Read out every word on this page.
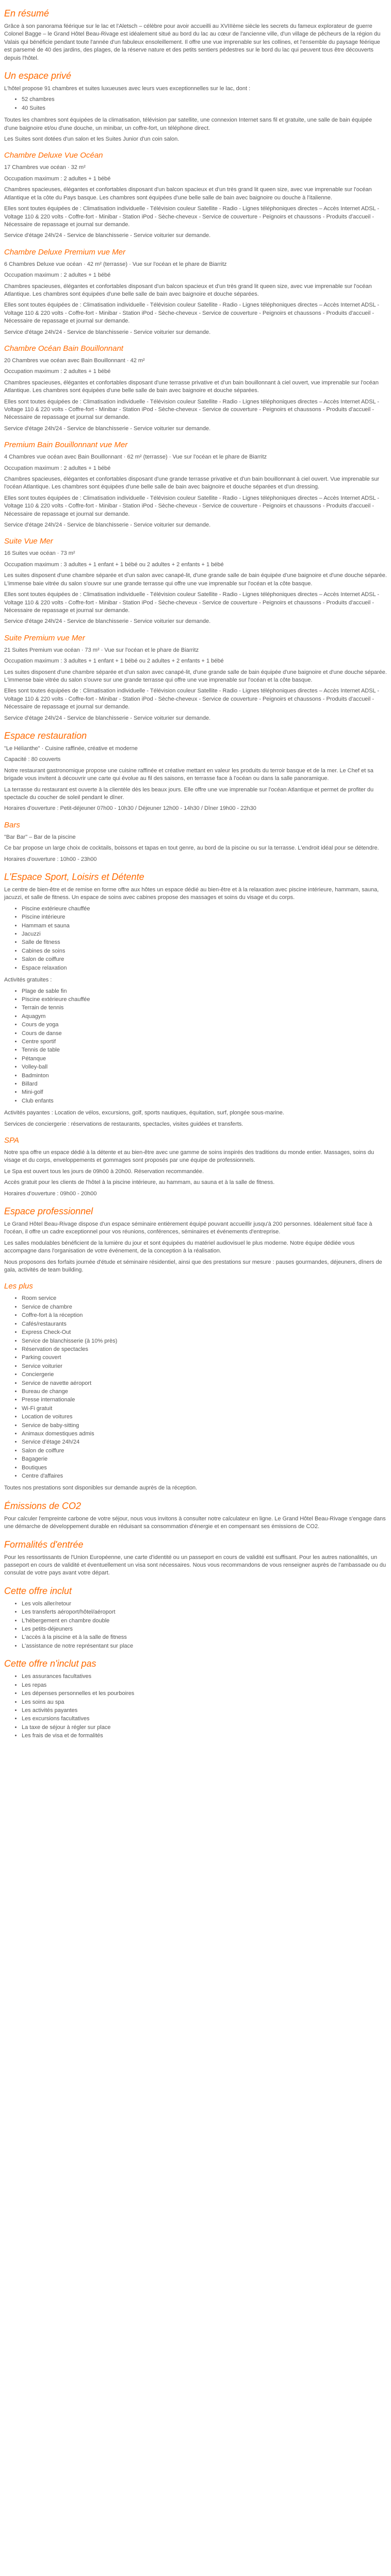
En résumé

Grâce à son panorama féérique sur le lac et l'Aletsch – célèbre pour avoir accueilli au XVIIIème siècle les secrets du fameux explorateur de guerre Colonel Bagge – le Grand Hôtel Beau-Rivage est idéalement situé au bord du lac au cœur de l'ancienne ville, d'un village de pêcheurs de la région du Valais qui bénéficie pendant toute l'année d'un fabuleux ensoleillement. Il offre une vue imprenable sur les collines, et l'ensemble du paysage féérique est parsemé de 40 des jardins, des plages, de la réserve nature et des petits sentiers pédestres sur le bord du lac qui peuvent tous être découverts depuis l'hôtel.

Un espace privé

L'hôtel propose 91 chambres et suites luxueuses avec leurs vues exceptionnelles sur le lac, dont :

• 52 chambres
• 40 Suites

Toutes les chambres sont équipées de la climatisation, télévision par satellite, une connexion Internet sans fil et gratuite, une salle de bain équipée d'une baignoire et/ou d'une douche, un minibar, un coffre-fort, un téléphone direct.

Les Suites sont dotées d'un salon et les Suites Junior d'un coin salon.

Chambre Deluxe Vue Océan

17 Chambres vue océan · 32 m²

Occupation maximum : 2 adultes + 1 bébé

Chambres spacieuses, élégantes et confortables disposant d'un balcon spacieux et d'un très grand lit queen size, avec vue imprenable sur l'océan Atlantique et la côte du Pays basque. Les chambres sont équipées d'une belle salle de bain avec baignoire ou douche à l'italienne.

Elles sont toutes équipées de : Climatisation individuelle - Télévision couleur Satellite - Radio - Lignes téléphoniques directes – Accès Internet ADSL - Voltage 110 & 220 volts - Coffre-fort - Minibar - Station iPod - Sèche-cheveux - Service de couverture - Peignoirs et chaussons - Produits d'accueil - Nécessaire de repassage et journal sur demande.

Service d'étage 24h/24 - Service de blanchisserie - Service voiturier sur demande.

Chambre Deluxe Premium vue Mer

6 Chambres Deluxe vue océan · 42 m² (terrasse) · Vue sur l'océan et le phare de Biarritz

Occupation maximum : 2 adultes + 1 bébé

Chambres spacieuses, élégantes et confortables disposant d'un balcon spacieux et d'un très grand lit queen size, avec vue imprenable sur l'océan Atlantique. Les chambres sont équipées d'une belle salle de bain avec baignoire et douche séparées.

Elles sont toutes équipées de : Climatisation individuelle - Télévision couleur Satellite - Radio - Lignes téléphoniques directes – Accès Internet ADSL - Voltage 110 & 220 volts - Coffre-fort - Minibar - Station iPod - Sèche-cheveux - Service de couverture - Peignoirs et chaussons - Produits d'accueil - Nécessaire de repassage et journal sur demande.

Service d'étage 24h/24 - Service de blanchisserie - Service voiturier sur demande.

Chambre Océan Bain Bouillonnant

20 Chambres vue océan avec Bain Bouillonnant · 42 m²

Occupation maximum : 2 adultes + 1 bébé

Chambres spacieuses, élégantes et confortables disposant d'une terrasse privative et d'un bain bouillonnant à ciel ouvert, vue imprenable sur l'océan Atlantique. Les chambres sont équipées d'une belle salle de bain avec baignoire et douche séparées.

Elles sont toutes équipées de : Climatisation individuelle - Télévision couleur Satellite - Radio - Lignes téléphoniques directes – Accès Internet ADSL - Voltage 110 & 220 volts - Coffre-fort - Minibar - Station iPod - Sèche-cheveux - Service de couverture - Peignoirs et chaussons - Produits d'accueil - Nécessaire de repassage et journal sur demande.

Service d'étage 24h/24 - Service de blanchisserie - Service voiturier sur demande.

Premium Bain Bouillonnant vue Mer

4 Chambres vue océan avec Bain Bouillonnant · 62 m² (terrasse) · Vue sur l'océan et le phare de Biarritz

Occupation maximum : 2 adultes + 1 bébé

Chambres spacieuses, élégantes et confortables disposant d'une grande terrasse privative et d'un bain bouillonnant à ciel ouvert. Vue imprenable sur l'océan Atlantique. Les chambres sont équipées d'une belle salle de bain avec baignoire et douche séparées et d'un dressing.

Elles sont toutes équipées de : Climatisation individuelle - Télévision couleur Satellite - Radio - Lignes téléphoniques directes – Accès Internet ADSL - Voltage 110 & 220 volts - Coffre-fort - Minibar - Station iPod - Sèche-cheveux - Service de couverture - Peignoirs et chaussons - Produits d'accueil - Nécessaire de repassage et journal sur demande.

Service d'étage 24h/24 - Service de blanchisserie - Service voiturier sur demande.

Suite Vue Mer

16 Suites vue océan · 73 m²

Occupation maximum : 3 adultes + 1 enfant + 1 bébé ou 2 adultes + 2 enfants + 1 bébé

Les suites disposent d'une chambre séparée et d'un salon avec canapé-lit, d'une grande salle de bain équipée d'une baignoire et d'une douche séparée. L'immense baie vitrée du salon s'ouvre sur une grande terrasse qui offre une vue imprenable sur l'océan et la côte basque.

Elles sont toutes équipées de : Climatisation individuelle - Télévision couleur Satellite - Radio - Lignes téléphoniques directes – Accès Internet ADSL - Voltage 110 & 220 volts - Coffre-fort - Minibar - Station iPod - Sèche-cheveux - Service de couverture - Peignoirs et chaussons - Produits d'accueil - Nécessaire de repassage et journal sur demande.

Service d'étage 24h/24 - Service de blanchisserie - Service voiturier sur demande.

Suite Premium vue Mer

21 Suites Premium vue océan · 73 m² · Vue sur l'océan et le phare de Biarritz

Occupation maximum : 3 adultes + 1 enfant + 1 bébé ou 2 adultes + 2 enfants + 1 bébé

Les suites disposent d'une chambre séparée et d'un salon avec canapé-lit, d'une grande salle de bain équipée d'une baignoire et d'une douche séparée. L'immense baie vitrée du salon s'ouvre sur une grande terrasse qui offre une vue imprenable sur l'océan et la côte basque.

Elles sont toutes équipées de : Climatisation individuelle - Télévision couleur Satellite - Radio - Lignes téléphoniques directes – Accès Internet ADSL - Voltage 110 & 220 volts - Coffre-fort - Minibar - Station iPod - Sèche-cheveux - Service de couverture - Peignoirs et chaussons - Produits d'accueil - Nécessaire de repassage et journal sur demande.

Service d'étage 24h/24 - Service de blanchisserie - Service voiturier sur demande.

Espace restauration

"Le Hélianthe" · Cuisine raffinée, créative et moderne

Capacité : 80 couverts

Notre restaurant gastronomique propose une cuisine raffinée et créative mettant en valeur les produits du terroir basque et de la mer. Le Chef et sa brigade vous invitent à découvrir une carte qui évolue au fil des saisons, en terrasse face à l'océan ou dans la salle panoramique.

La terrasse du restaurant est ouverte à la clientèle dès les beaux jours. Elle offre une vue imprenable sur l'océan Atlantique et permet de profiter du spectacle du coucher de soleil pendant le dîner.

Horaires d'ouverture : Petit-déjeuner 07h00 - 10h30 / Déjeuner 12h00 - 14h30 / Dîner 19h00 - 22h30

Bars

"Bar Bar" – Bar de la piscine

Ce bar propose un large choix de cocktails, boissons et tapas en tout genre, au bord de la piscine ou sur la terrasse. L'endroit idéal pour se détendre.

Horaires d'ouverture : 10h00 - 23h00

L'Espace Sport, Loisirs et Détente

Le centre de bien-être et de remise en forme offre aux hôtes un espace dédié au bien-être et à la relaxation avec piscine intérieure, hammam, sauna, jacuzzi, et salle de fitness. Un espace de soins avec cabines propose des massages et soins du visage et du corps.

• Piscine extérieure chauffée
• Piscine intérieure
• Hammam et sauna
• Jacuzzi
• Salle de fitness
• Cabines de soins
• Salon de coiffure
• Espace relaxation

Activités gratuites :

• Plage de sable fin
• Piscine extérieure chauffée
• Terrain de tennis
• Aquagym
• Cours de yoga
• Cours de danse
• Centre sportif
• Tennis de table
• Pétanque
• Volley-ball
• Badminton
• Billard
• Mini-golf
• Club enfants

Activités payantes : Location de vélos, excursions, golf, sports nautiques, équitation, surf, plongée sous-marine.

Services de conciergerie : réservations de restaurants, spectacles, visites guidées et transferts.

SPA

Notre spa offre un espace dédié à la détente et au bien-être avec une gamme de soins inspirés des traditions du monde entier. Massages, soins du visage et du corps, enveloppements et gommages sont proposés par une équipe de professionnels.

Le Spa est ouvert tous les jours de 09h00 à 20h00. Réservation recommandée.

Accès gratuit pour les clients de l'hôtel à la piscine intérieure, au hammam, au sauna et à la salle de fitness.

Horaires d'ouverture : 09h00 - 20h00

Espace professionnel

Le Grand Hôtel Beau-Rivage dispose d'un espace séminaire entièrement équipé pouvant accueillir jusqu'à 200 personnes. Idéalement situé face à l'océan, il offre un cadre exceptionnel pour vos réunions, conférences, séminaires et événements d'entreprise.

Les salles modulables bénéficient de la lumière du jour et sont équipées du matériel audiovisuel le plus moderne. Notre équipe dédiée vous accompagne dans l'organisation de votre événement, de la conception à la réalisation.

Nous proposons des forfaits journée d'étude et séminaire résidentiel, ainsi que des prestations sur mesure : pauses gourmandes, déjeuners, dîners de gala, activités de team building.

Les plus
• Room service
• Service de chambre
• Coffre-fort à la réception
• Cafés/restaurants
• Express Check-Out
• Service de blanchisserie (à 10% près)
• Réservation de spectacles
• Parking couvert
• Service voiturier
• Conciergerie
• Service de navette aéroport
• Bureau de change
• Presse internationale
• Wi-Fi gratuit
• Location de voitures
• Service de baby-sitting
• Animaux domestiques admis
• Service d'étage 24h/24
• Salon de coiffure
• Bagagerie
• Boutiques
• Centre d'affaires

Toutes nos prestations sont disponibles sur demande auprès de la réception.

Émissions de CO2

Pour calculer l'empreinte carbone de votre séjour, nous vous invitons à consulter notre calculateur en ligne. Le Grand Hôtel Beau-Rivage s'engage dans une démarche de développement durable en réduisant sa consommation d'énergie et en compensant ses émissions de CO2.

Formalités d'entrée

Pour les ressortissants de l'Union Européenne, une carte d'identité ou un passeport en cours de validité est suffisant. Pour les autres nationalités, un passeport en cours de validité et éventuellement un visa sont nécessaires. Nous vous recommandons de vous renseigner auprès de l'ambassade ou du consulat de votre pays avant votre départ.

Cette offre inclut
• Les vols aller/retour
• Les transferts aéroport/hôtel/aéroport
• L'hébergement en chambre double
• Les petits-déjeuners
• L'accès à la piscine et à la salle de fitness
• L'assistance de notre représentant sur place
Cette offre n'inclut pas
• Les assurances facultatives
• Les repas
• Les dépenses personnelles et les pourboires
• Les soins au spa
• Les activités payantes
• Les excursions facultatives
• La taxe de séjour à régler sur place
• Les frais de visa et de formalités
